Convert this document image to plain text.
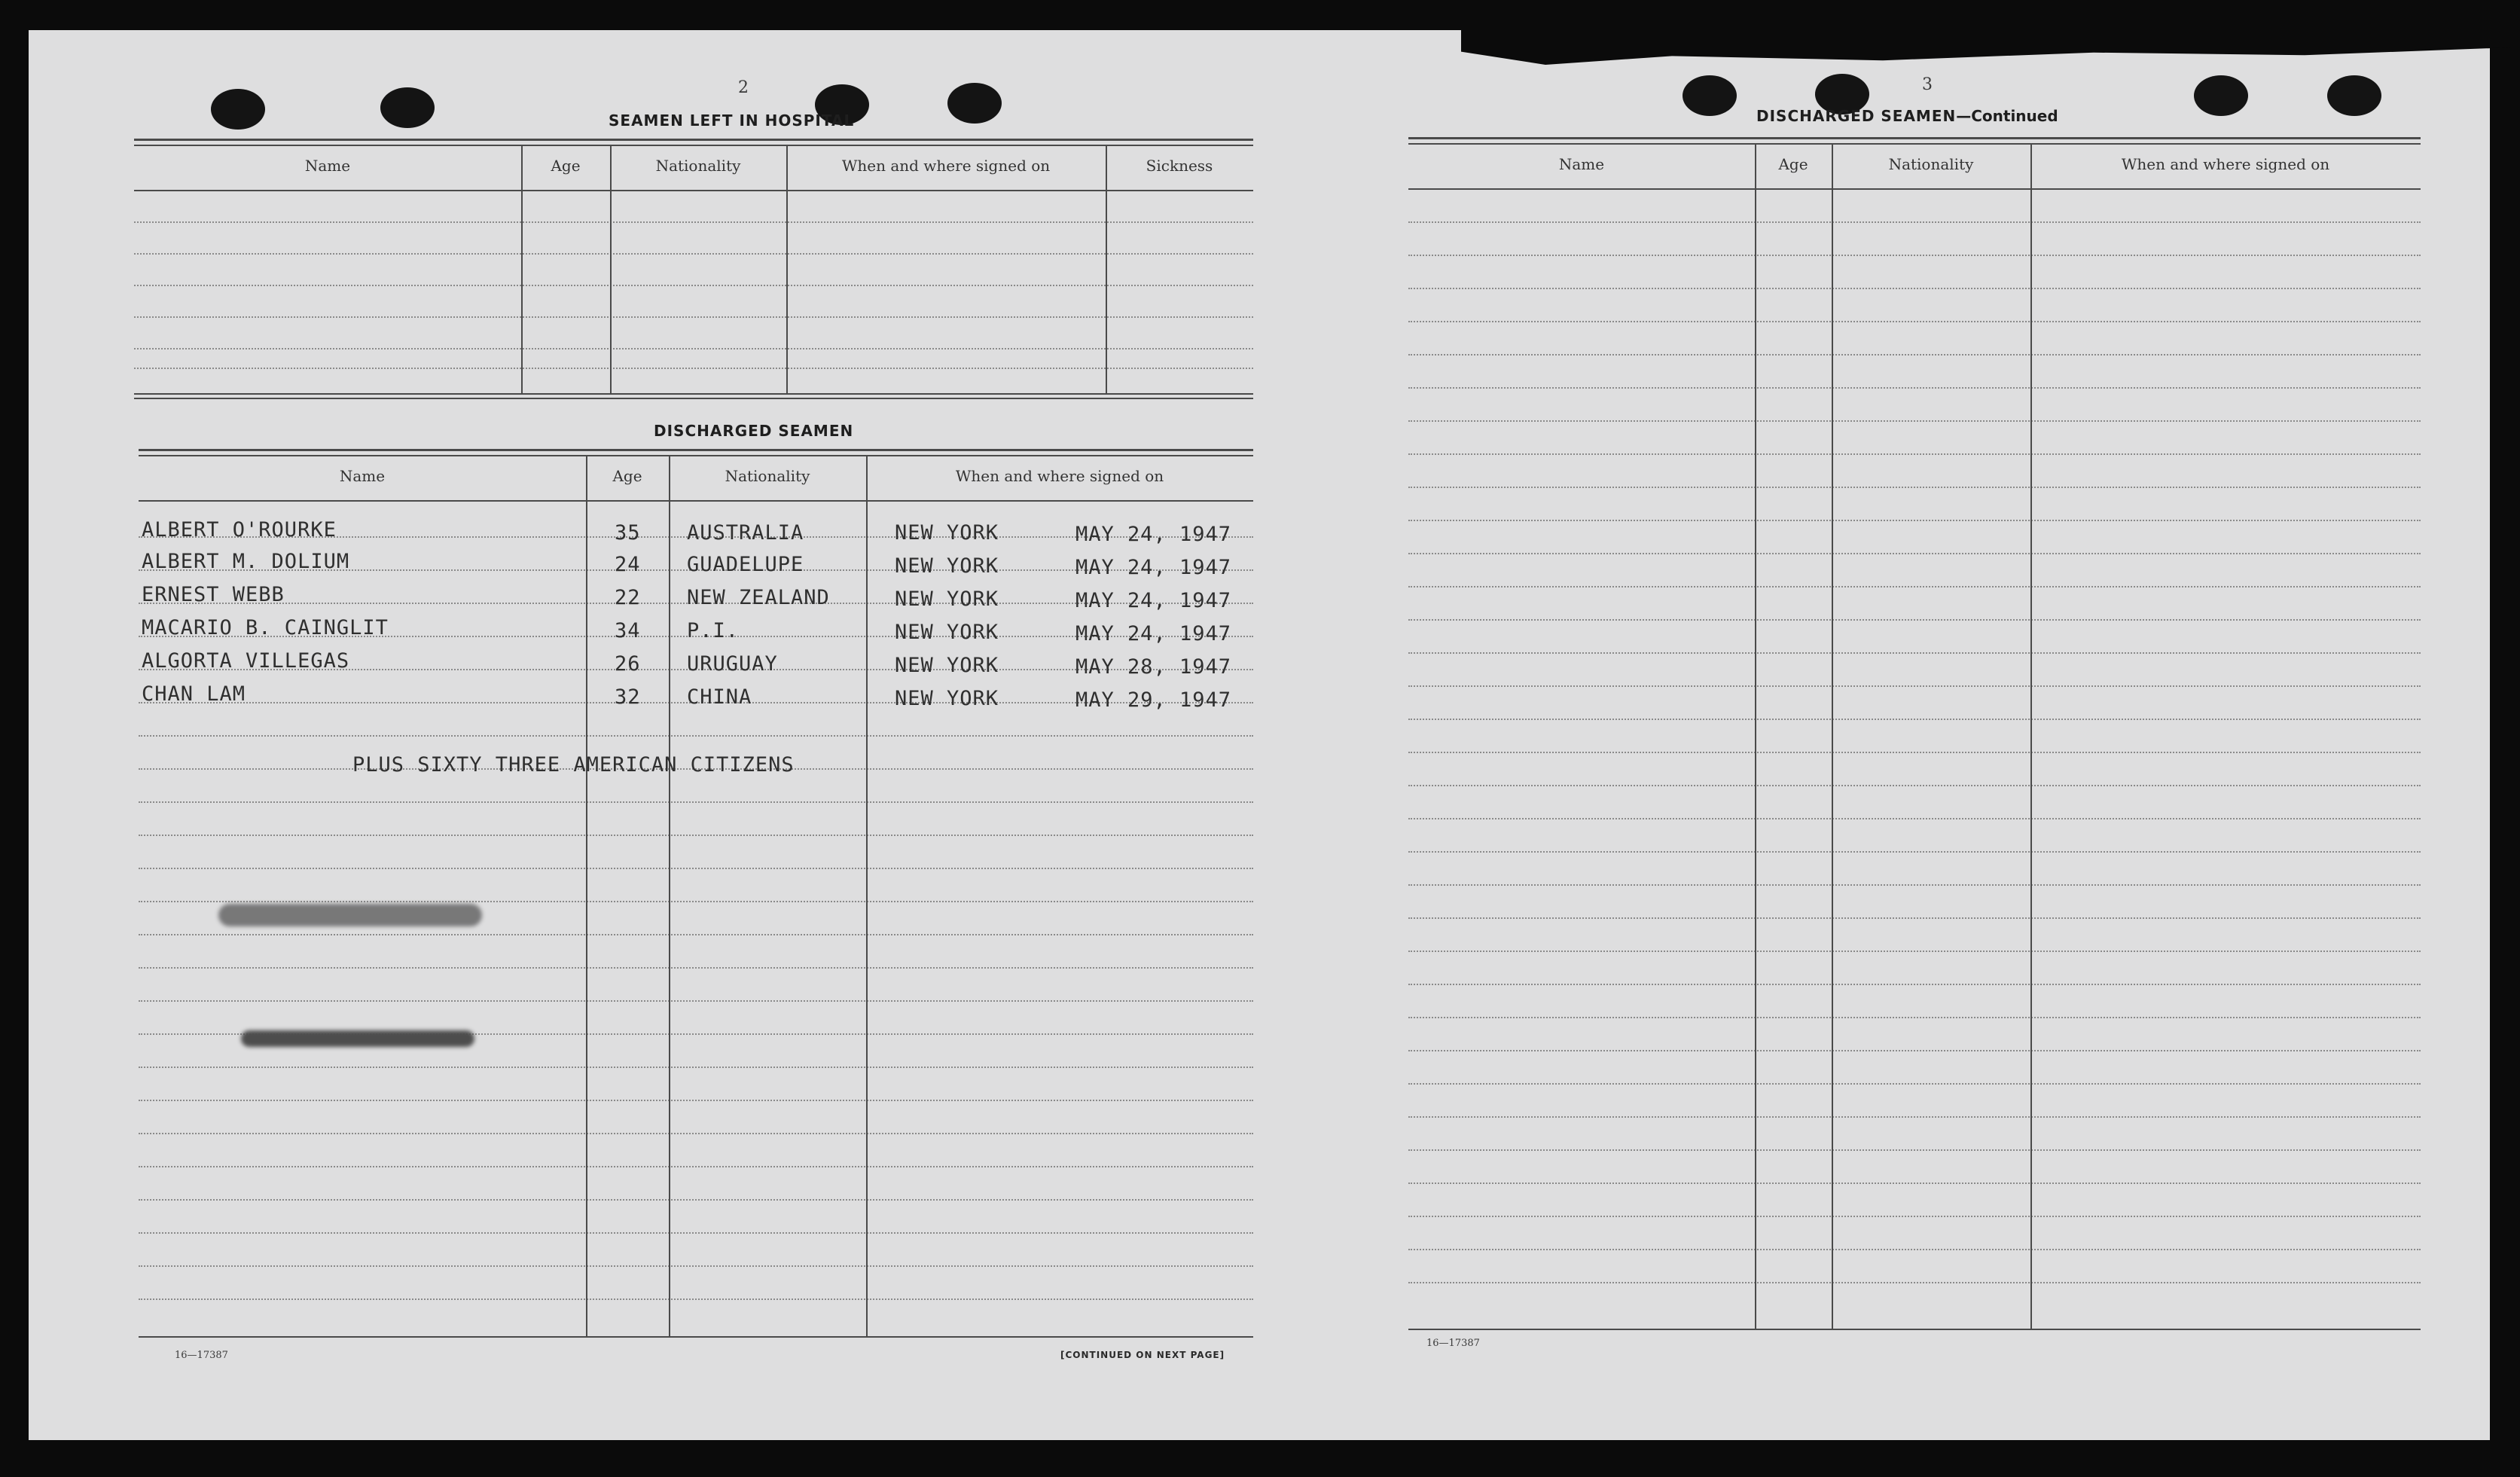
2
SEAMEN LEFT IN HOSPITAL
Name	Age	Nationality	When and where signed on	Sickness
DISCHARGED SEAMEN
Name	Age	Nationality	When and where signed on
ALBERT O'ROURKE	35 AUSTRALIA	NEW YORK	MAY 24, 1947
ALBERT M. DOLIUM	24 GUADELUPE	NEW YORK	MAY 24, 1947
ERNEST WEBB	22 NEW ZEALAND	NEW YORK	MAY 24, 1947
MACARIO B. CAINGLIT	34 P.I.	NEW YORK	MAY 24, 1947
ALGORTA VILLEGAS	26 URUGUAY	NEW YORK	MAY 28, 1947
CHAN LAM	32 CHINA	NEW YORK	MAY 29, 1947
PLUS SIXTY THREE AMERICAN CITIZENS
16—17387	[CONTINUED ON NEXT PAGE]
3
DISCHARGED SEAMEN—Continued
Name	Age	Nationality	When and where signed on
16—17387
